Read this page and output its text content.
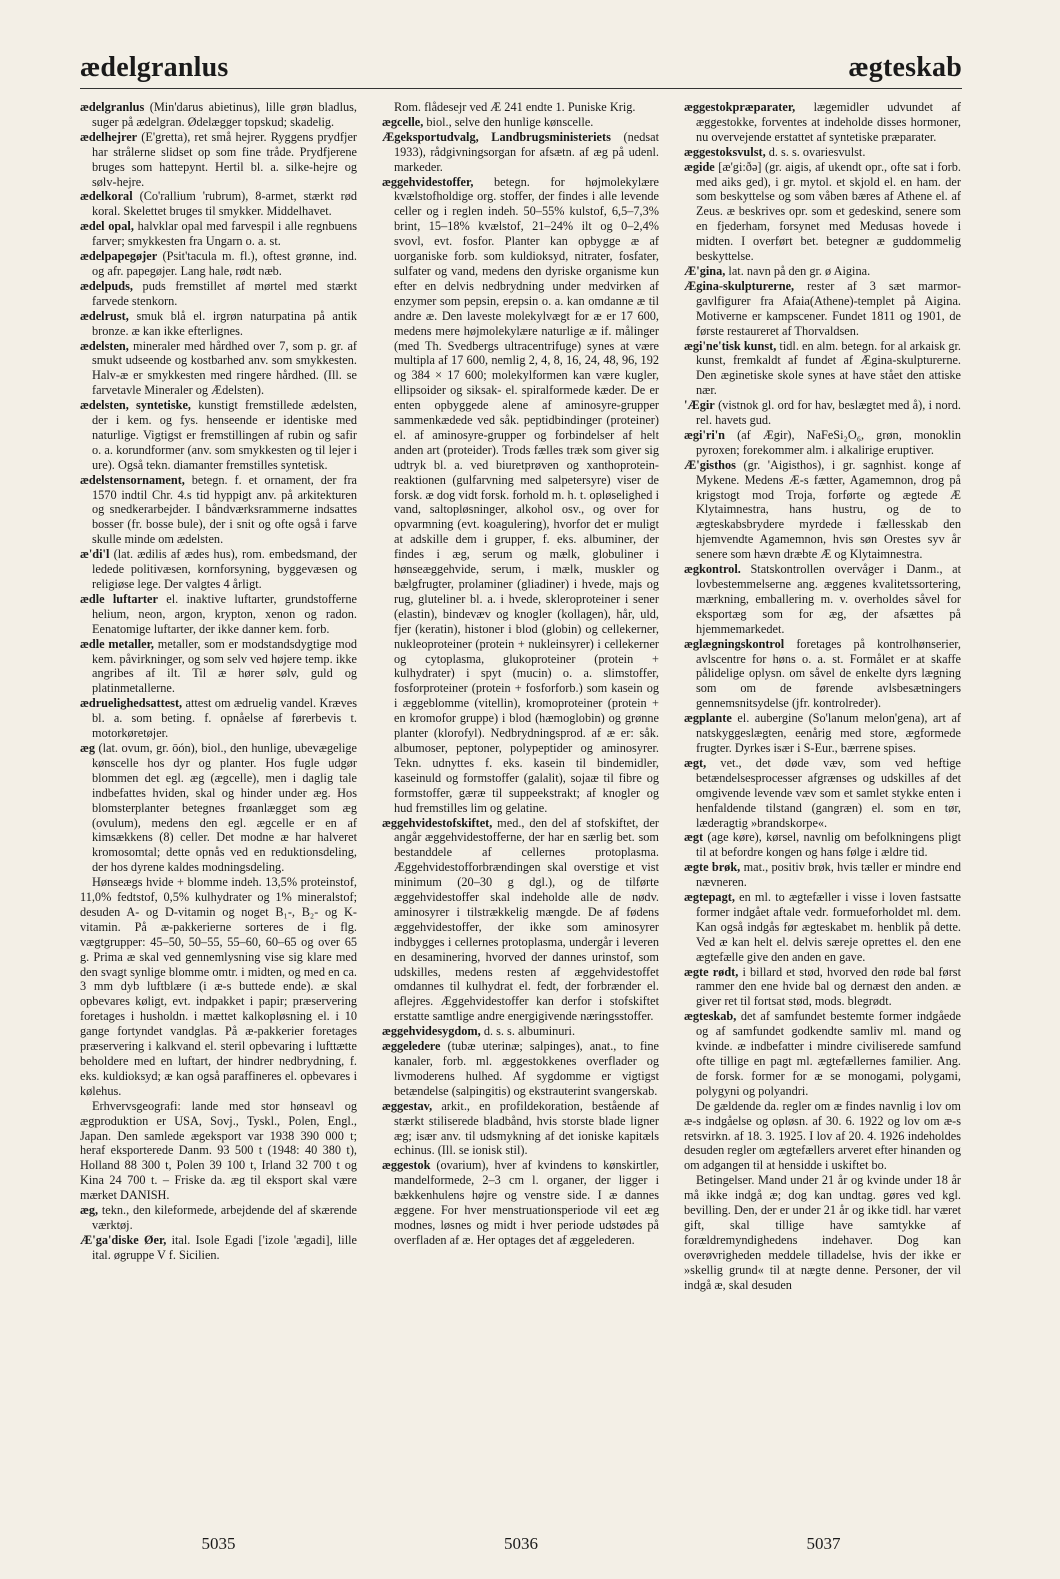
ædelgranlus	ægteskab

ædelgranlus (Min'darus abietinus), lille grøn bladlus, suger på ædelgran. Ødelægger topskud; skadelig.

ædelhejrer (E'gretta), ret små hejrer. Ryggens prydfjer har strålerne slidset op som fine tråde. Prydfjerene bruges som hattepynt. Hertil bl. a. silke-hejre og sølv-hejre.

ædelkoral (Co'rallium 'rubrum), 8-armet, stærkt rød koral. Skelettet bruges til smykker. Middelhavet.

ædel opal, halvklar opal med farvespil i alle regnbuens farver; smykkesten fra Ungarn o. a. st.

ædelpapegøjer (Psit'tacula m. fl.), oftest grønne, ind. og afr. papegøjer. Lang hale, rødt næb.

ædelpuds, puds fremstillet af mørtel med stærkt farvede stenkorn.

ædelrust, smuk blå el. irgrøn naturpatina på antik bronze. æ kan ikke efterlignes.

ædelsten, mineraler med hårdhed over 7, som p. gr. af smukt udseende og kostbarhed anv. som smykkesten. Halv-æ er smykkesten med ringere hårdhed. (Ill. se farvetavle Mineraler og Ædelsten).

ædelsten, syntetiske, kunstigt fremstillede ædelsten, der i kem. og fys. henseende er identiske med naturlige. Vigtigst er fremstillingen af rubin og safir o. a. korundformer (anv. som smykkesten og til lejer i ure). Også tekn. diamanter fremstilles syntetisk.

ædelstensornament, betegn. f. et ornament, der fra 1570 indtil Chr. 4.s tid hyppigt anv. på arkitekturen og snedkerarbejder. I båndværksrammerne indsattes bosser (fr. bosse bule), der i snit og ofte også i farve skulle minde om ædelsten.

æ'di'l (lat. ædilis af ædes hus), rom. embedsmand, der ledede politivæsen, kornforsyning, byggevæsen og religiøse lege. Der valgtes 4 årligt.

ædle luftarter el. inaktive luftarter, grundstofferne helium, neon, argon, krypton, xenon og radon. Eenatomige luftarter, der ikke danner kem. forb.

ædle metaller, metaller, som er modstandsdygtige mod kem. påvirkninger, og som selv ved højere temp. ikke angribes af ilt. Til æ hører sølv, guld og platinmetallerne.

ædruelighedsattest, attest om ædruelig vandel. Kræves bl. a. som beting. f. opnåelse af førerbevis t. motorkøretøjer.

æg (lat. ovum, gr. ōón), biol., den hunlige, ubevægelige kønscelle hos dyr og planter. Hos fugle udgør blommen det egl. æg (ægcelle), men i daglig tale indbefattes hviden, skal og hinder under æg. Hos blomsterplanter betegnes frøanlægget som æg (ovulum), medens den egl. ægcelle er en af kimsækkens (8) celler. Det modne æ har halveret kromosomtal; dette opnås ved en reduktionsdeling, der hos dyrene kaldes modningsdeling.

Hønseægs hvide + blomme indeh. 13,5% proteinstof, 11,0% fedtstof, 0,5% kulhydrater og 1% mineralstof; desuden A- og D-vitamin og noget B₁-, B₂- og K-vitamin. På æ-pakkerierne sorteres de i flg. vægtgrupper: 45–50, 50–55, 55–60, 60–65 og over 65 g. Prima æ skal ved gennemlysning vise sig klare med den svagt synlige blomme omtr. i midten, og med en ca. 3 mm dyb luftblære (i æ-s buttede ende). æ skal opbevares køligt, evt. indpakket i papir; præservering foretages i husholdn. i mættet kalkopløsning el. i 10 gange fortyndet vandglas. På æ-pakkerier foretages præservering i kalkvand el. steril opbevaring i lufttætte beholdere med en luftart, der hindrer nedbrydning, f. eks. kuldioksyd; æ kan også paraffineres el. opbevares i kølehus.

Erhvervsgeografi: lande med stor hønseavl og ægproduktion er USA, Sovj., Tyskl., Polen, Engl., Japan. Den samlede ægeksport var 1938 390 000 t; heraf eksporterede Danm. 93 500 t (1948: 40 380 t), Holland 88 300 t, Polen 39 100 t, Irland 32 700 t og Kina 24 700 t. – Friske da. æg til eksport skal være mærket DANISH.

æg, tekn., den kileformede, arbejdende del af skærende værktøj.

Æ'ga'diske Øer, ital. Isole Egadi ['izole 'ægadi], lille ital. øgruppe V f. Sicilien.

Rom. flådesejr ved Æ 241 endte 1. Puniske Krig.

ægcelle, biol., selve den hunlige kønscelle.

Ægeksportudvalg, Landbrugsministeriets (nedsat 1933), rådgivningsorgan for afsætn. af æg på udenl. markeder.

æggehvidestoffer, betegn. for højmolekylære kvælstofholdige org. stoffer, der findes i alle levende celler og i reglen indeh. 50–55% kulstof, 6,5–7,3% brint, 15–18% kvælstof, 21–24% ilt og 0–2,4% svovl, evt. fosfor. Planter kan opbygge æ af uorganiske forb. som kuldioksyd, nitrater, fosfater, sulfater og vand, medens den dyriske organisme kun efter en delvis nedbrydning under medvirken af enzymer som pepsin, erepsin o. a. kan omdanne æ til andre æ. Den laveste molekylvægt for æ er 17 600, medens mere højmolekylære naturlige æ if. målinger (med Th. Svedbergs ultracentrifuge) synes at være multipla af 17 600, nemlig 2, 4, 8, 16, 24, 48, 96, 192 og 384 × 17 600; molekylformen kan være kugler, ellipsoider og siksak- el. spiralformede kæder. De er enten opbyggede alene af aminosyre-grupper sammenkædede ved såk. peptidbindinger (proteiner) el. af aminosyre-grupper og forbindelser af helt anden art (proteider). Trods fælles træk som giver sig udtryk bl. a. ved biuretprøven og xanthoprotein-reaktionen (gulfarvning med salpetersyre) viser de forsk. æ dog vidt forsk. forhold m. h. t. opløselighed i vand, saltopløsninger, alkohol osv., og over for opvarmning (evt. koagulering), hvorfor det er muligt at adskille dem i grupper, f. eks. albuminer, der findes i æg, serum og mælk, globuliner i hønseæggehvide, serum, i mælk, muskler og bælgfrugter, prolaminer (gliadiner) i hvede, majs og rug, gluteliner bl. a. i hvede, skleroproteiner i sener (elastin), bindevæv og knogler (kollagen), hår, uld, fjer (keratin), histoner i blod (globin) og cellekerner, nukleoproteiner (protein + nukleinsyrer) i cellekerner og cytoplasma, glukoproteiner (protein + kulhydrater) i spyt (mucin) o. a. slimstoffer, fosforproteiner (protein + fosforforb.) som kasein og i æggeblomme (vitellin), kromoproteiner (protein + en kromofor gruppe) i blod (hæmoglobin) og grønne planter (klorofyl). Nedbrydningsprod. af æ er: såk. albumoser, peptoner, polypeptider og aminosyrer. Tekn. udnyttes f. eks. kasein til bindemidler, kaseinuld og formstoffer (galalit), sojaæ til fibre og formstoffer, gæræ til suppeekstrakt; af knogler og hud fremstilles lim og gelatine.

æggehvidestofskiftet, med., den del af stofskiftet, der angår æggehvidestofferne, der har en særlig bet. som bestanddele af cellernes protoplasma. Æggehvidestofforbrændingen skal overstige et vist minimum (20–30 g dgl.), og de tilførte æggehvidestoffer skal indeholde alle de nødv. aminosyrer i tilstrækkelig mængde. De af fødens æggehvidestoffer, der ikke som aminosyrer indbygges i cellernes protoplasma, undergår i leveren en desaminering, hvorved der dannes urinstof, som udskilles, medens resten af æggehvidestoffet omdannes til kulhydrat el. fedt, der forbrænder el. aflejres. Æggehvidestoffer kan derfor i stofskiftet erstatte samtlige andre energigivende næringsstoffer.

æggehvidesygdom, d. s. s. albuminuri.

æggeledere (tubæ uterinæ; salpinges), anat., to fine kanaler, forb. ml. æggestokkenes overflader og livmoderens hulhed. Af sygdomme er vigtigst betændelse (salpingitis) og ekstrauterint svangerskab.

æggestav, arkit., en profildekoration, bestående af stærkt stiliserede bladbånd, hvis storste blade ligner æg; især anv. til udsmykning af det ioniske kapitæls echinus. (Ill. se ionisk stil).

æggestok (ovarium), hver af kvindens to kønskirtler, mandelformede, 2–3 cm l. organer, der ligger i bækkenhulens højre og venstre side. I æ dannes æggene. For hver menstruationsperiode vil eet æg modnes, løsnes og midt i hver periode udstødes på overfladen af æ. Her optages det af æggelederen.

æggestokpræparater, lægemidler udvundet af æggestokke, forventes at indeholde disses hormoner, nu overvejende erstattet af syntetiske præparater.

æggestoksvulst, d. s. s. ovariesvulst.

ægide [æ'gi:ðə] (gr. aigis, af ukendt opr., ofte sat i forb. med aiks ged), i gr. mytol. et skjold el. en ham. der som beskyttelse og som våben bæres af Athene el. af Zeus. æ beskrives opr. som et gedeskind, senere som en fjederham, forsynet med Medusas hovede i midten. I overført bet. betegner æ guddommelig beskyttelse.

Æ'gina, lat. navn på den gr. ø Aigina.

Ægina-skulpturerne, rester af 3 sæt marmor-gavlfigurer fra Afaia(Athene)-templet på Aigina. Motiverne er kampscener. Fundet 1811 og 1901, de første restaureret af Thorvaldsen.

ægi'ne'tisk kunst, tidl. en alm. betegn. for al arkaisk gr. kunst, fremkaldt af fundet af Ægina-skulpturerne. Den æginetiske skole synes at have stået den attiske nær.

'Ægir (vistnok gl. ord for hav, beslægtet med å), i nord. rel. havets gud.

ægi'ri'n (af Ægir), NaFeSi₂O₆, grøn, monoklin pyroxen; forekommer alm. i alkalirige eruptiver.

Æ'gisthos (gr. 'Aigisthos), i gr. sagnhist. konge af Mykene. Medens Æ-s fætter, Agamemnon, drog på krigstogt mod Troja, forførte og ægtede Æ Klytaimnestra, hans hustru, og de to ægteskabsbrydere myrdede i fællesskab den hjemvendte Agamemnon, hvis søn Orestes syv år senere som hævn dræbte Æ og Klytaimnestra.

ægkontrol. Statskontrollen overvåger i Danm., at lovbestemmelserne ang. æggenes kvalitetssortering, mærkning, emballering m. v. overholdes såvel for eksportæg som for æg, der afsættes på hjemmemarkedet.

æglægningskontrol foretages på kontrolhønserier, avlscentre for høns o. a. st. Formålet er at skaffe pålidelige oplysn. om såvel de enkelte dyrs lægning som om de førende avlsbesætningers gennemsnitsydelse (jfr. kontrolreder).

ægplante el. aubergine (So'lanum melon'gena), art af natskyggeslægten, eenårig med store, ægformede frugter. Dyrkes især i S-Eur., bærrene spises.

ægt, vet., det døde væv, som ved heftige betændelsesprocesser afgrænses og udskilles af det omgivende levende væv som et samlet stykke enten i henfaldende tilstand (gangræn) el. som en tør, læderagtig »brandskorpe«.

ægt (age køre), kørsel, navnlig om befolkningens pligt til at befordre kongen og hans følge i ældre tid.

ægte brøk, mat., positiv brøk, hvis tæller er mindre end nævneren.

ægtepagt, en ml. to ægtefæller i visse i loven fastsatte former indgået aftale vedr. formueforholdet ml. dem. Kan også indgås før ægteskabet m. henblik på dette. Ved æ kan helt el. delvis særeje oprettes el. den ene ægtefælle give den anden en gave.

ægte rødt, i billard et stød, hvorved den røde bal først rammer den ene hvide bal og dernæst den anden. æ giver ret til fortsat stød, mods. blegrødt.

ægteskab, det af samfundet bestemte former indgåede og af samfundet godkendte samliv ml. mand og kvinde. æ indbefatter i mindre civiliserede samfund ofte tillige en pagt ml. ægtefællernes familier. Ang. de forsk. former for æ se monogami, polygami, polygyni og polyandri.

De gældende da. regler om æ findes navnlig i lov om æ-s indgåelse og opløsn. af 30. 6. 1922 og lov om æ-s retsvirkn. af 18. 3. 1925. I lov af 20. 4. 1926 indeholdes desuden regler om ægtefællers arveret efter hinanden og om adgangen til at hensidde i uskiftet bo.

Betingelser. Mand under 21 år og kvinde under 18 år må ikke indgå æ; dog kan undtag. gøres ved kgl. bevilling. Den, der er under 21 år og ikke tidl. har været gift, skal tillige have samtykke af forældremyndighedens indehaver. Dog kan overøvrigheden meddele tilladelse, hvis der ikke er »skellig grund« til at nægte denne. Personer, der vil indgå æ, skal desuden

5035	5036	5037
